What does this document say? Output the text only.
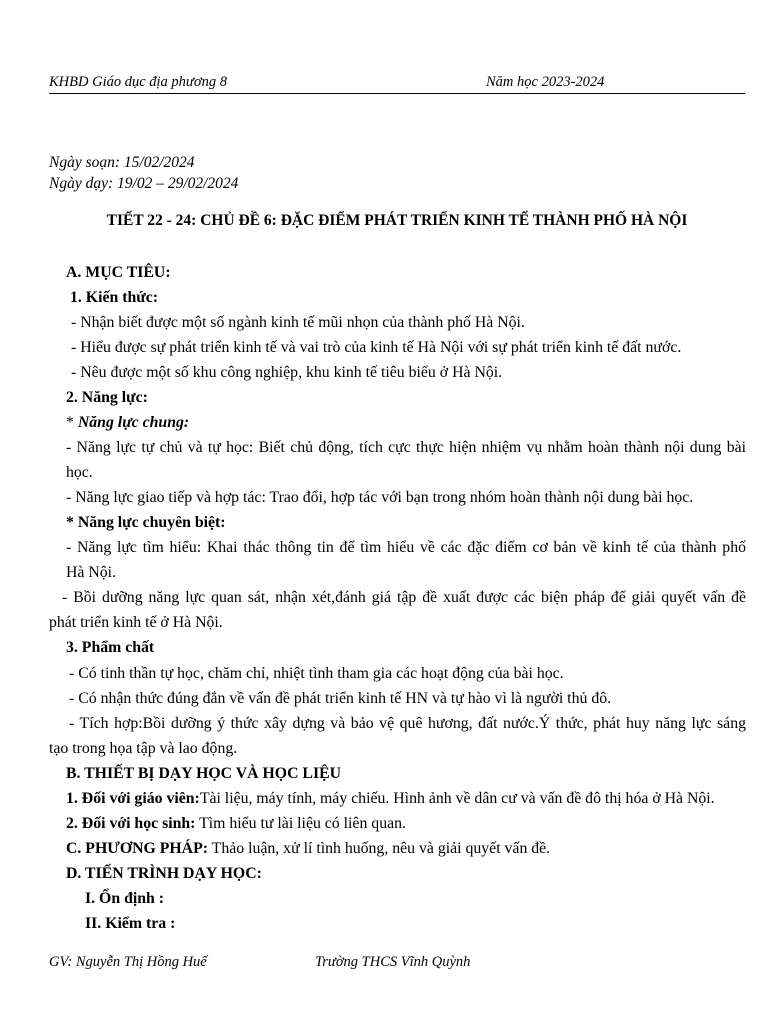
KHBD Giáo dục địa phương 8	Năm học 2023-2024
Ngày soạn: 15/02/2024
Ngày dạy: 19/02 – 29/02/2024
TIẾT 22 - 24: CHỦ ĐỀ 6: ĐẶC ĐIỂM PHÁT TRIỂN KINH TẾ THÀNH PHỐ HÀ NỘI
A. MỤC TIÊU:
1. Kiến thức:
- Nhận biết được một số ngành kinh tế mũi nhọn của thành phố Hà Nội.
- Hiểu được sự phát triển kinh tế và vai trò của kinh tế Hà Nội với sự phát triển kinh tế đất nước.
- Nêu được một số khu công nghiệp, khu kinh tế tiêu biểu ở Hà Nội.
2. Năng lực:
* Năng lực chung:
- Năng lực tự chủ và tự học: Biết chủ động, tích cực thực hiện nhiệm vụ nhằm hoàn thành nội dung bài
học.
- Năng lực giao tiếp và hợp tác: Trao đổi, hợp tác với bạn trong nhóm hoàn thành nội dung bài học.
* Năng lực chuyên biệt:
- Năng lực tìm hiểu: Khai thác thông tin để tìm hiểu về các đặc điểm cơ bản về kinh tế của thành phố
Hà Nội.
- Bồi dưỡng năng lực quan sát, nhận xét,đánh giá tập đề xuất được các biện pháp để giải quyết vấn đề
phát triển kinh tế ở Hà Nội.
3. Phẩm chất
- Có tinh thần tự học, chăm chỉ, nhiệt tình tham gia các hoạt động của bài học.
- Có nhận thức đúng đắn về vấn đề phát triển kinh tế HN và tự hào vì là người thủ đô.
- Tích hợp:Bồi dưỡng ý thức xây dựng và bảo vệ quê hương, đất nước.Ý thức, phát huy năng lực sáng
tạo trong họa tập và lao động.
B. THIẾT BỊ DẠY HỌC VÀ HỌC LIỆU
1. Đối với giáo viên:Tài liệu, máy tính, máy chiếu. Hình ảnh về dân cư và vấn đề đô thị hóa ở Hà Nội.
2. Đối với học sinh: Tìm hiểu tư lài liệu có liên quan.
C. PHƯƠNG PHÁP: Thảo luận, xử lí tình huống, nêu và giải quyết vấn đề.
D. TIẾN TRÌNH DẠY HỌC:
I. Ổn định :
II. Kiểm tra :
GV: Nguyễn Thị Hồng Huế	Trường THCS Vĩnh Quỳnh
